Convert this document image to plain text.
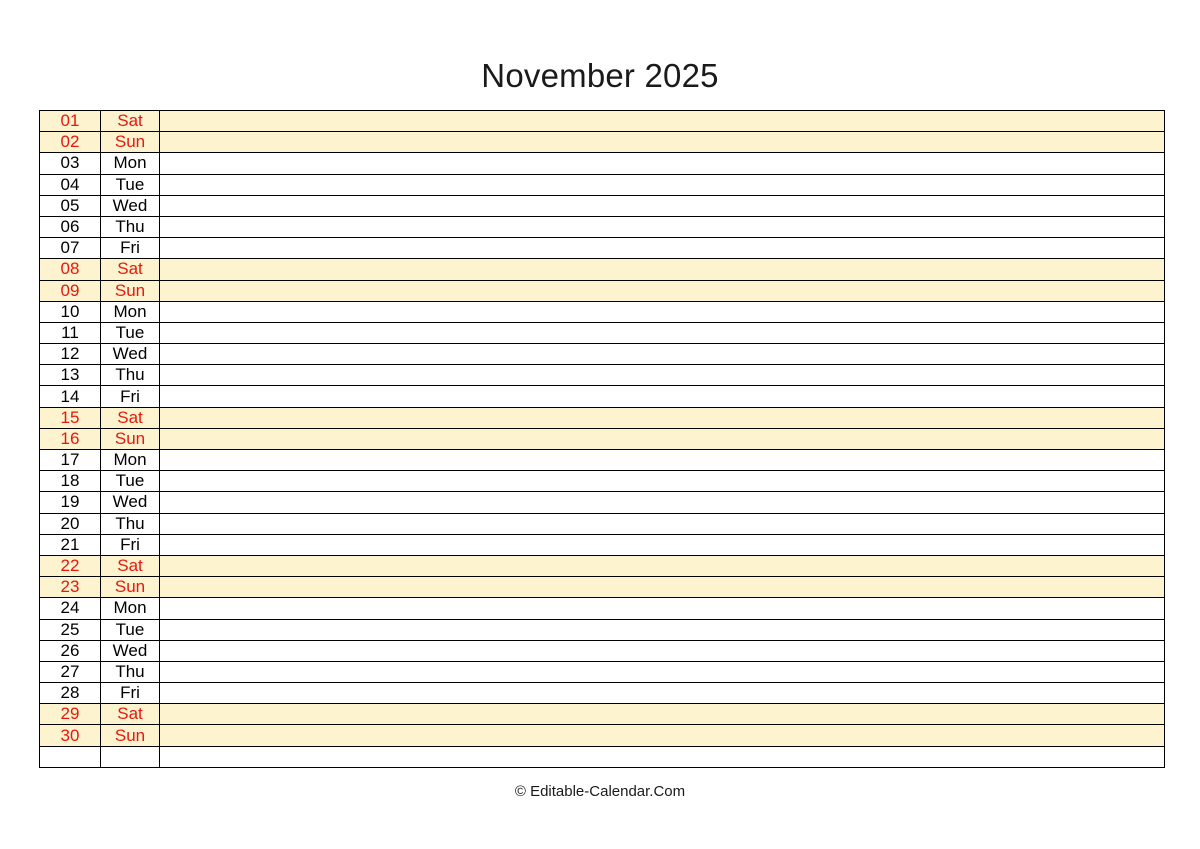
November 2025
01	Sat	
02	Sun	
03	Mon	
04	Tue	
05	Wed	
06	Thu	
07	Fri	
08	Sat	
09	Sun	
10	Mon	
11	Tue	
12	Wed	
13	Thu	
14	Fri	
15	Sat	
16	Sun	
17	Mon	
18	Tue	
19	Wed	
20	Thu	
21	Fri	
22	Sat	
23	Sun	
24	Mon	
25	Tue	
26	Wed	
27	Thu	
28	Fri	
29	Sat	
30	Sun	

© Editable-Calendar.Com
